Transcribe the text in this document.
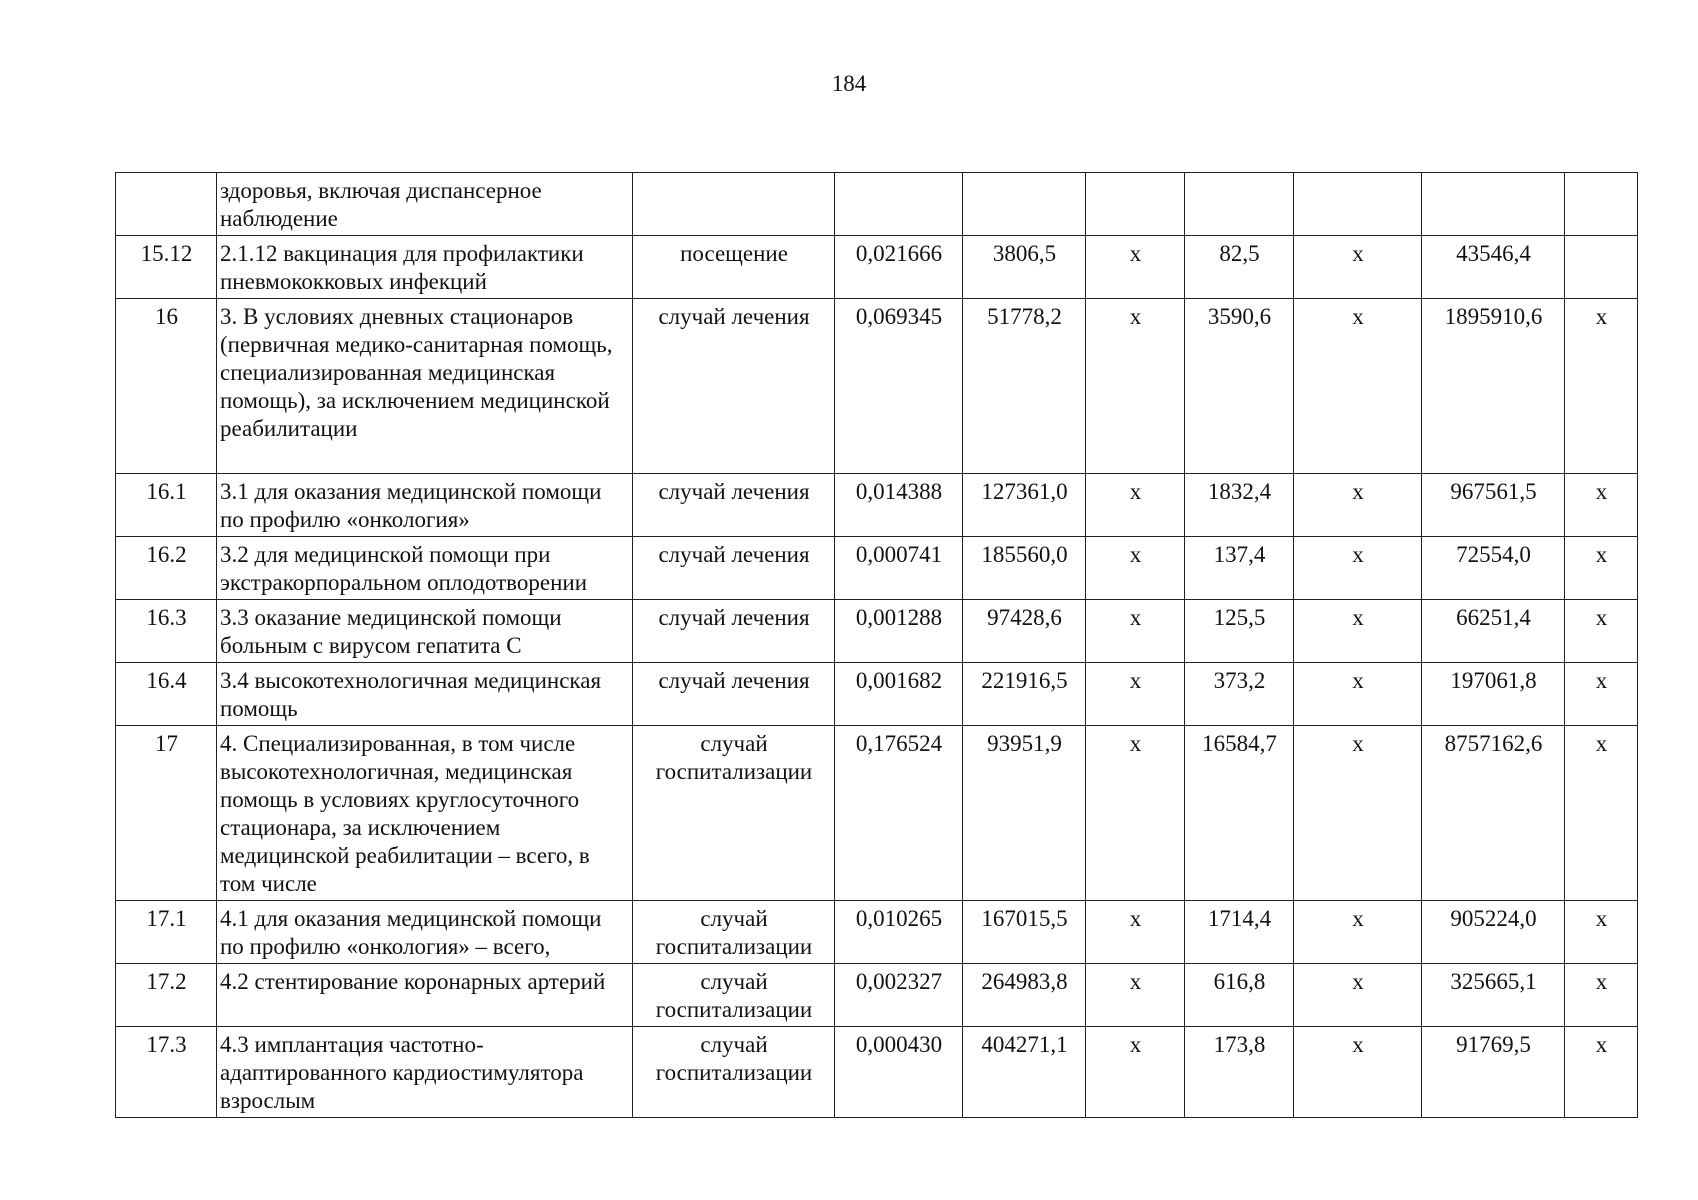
184
	здоровья, включая диспансерное наблюдение								
15.12	2.1.12 вакцинация для профилактики пневмококковых инфекций	посещение	0,021666	3806,5	х	82,5	х	43546,4	
16	3. В условиях дневных стационаров (первичная медико-санитарная помощь, специализированная медицинская помощь), за исключением медицинской реабилитации	случай лечения	0,069345	51778,2	х	3590,6	х	1895910,6	х
16.1	3.1 для оказания медицинской помощи по профилю «онкология»	случай лечения	0,014388	127361,0	х	1832,4	х	967561,5	х
16.2	3.2 для медицинской помощи при экстракорпоральном оплодотворении	случай лечения	0,000741	185560,0	х	137,4	х	72554,0	х
16.3	3.3 оказание медицинской помощи больным с вирусом гепатита С	случай лечения	0,001288	97428,6	х	125,5	х	66251,4	х
16.4	3.4 высокотехнологичная медицинская помощь	случай лечения	0,001682	221916,5	х	373,2	х	197061,8	х
17	4. Специализированная, в том числе высокотехнологичная, медицинская помощь в условиях круглосуточного стационара, за исключением медицинской реабилитации – всего, в том числе	случай госпитализации	0,176524	93951,9	х	16584,7	х	8757162,6	х
17.1	4.1 для оказания медицинской помощи по профилю «онкология» – всего,	случай госпитализации	0,010265	167015,5	х	1714,4	х	905224,0	х
17.2	4.2 стентирование коронарных артерий	случай госпитализации	0,002327	264983,8	х	616,8	х	325665,1	х
17.3	4.3 имплантация частотно-адаптированного кардиостимулятора взрослым	случай госпитализации	0,000430	404271,1	х	173,8	х	91769,5	х
